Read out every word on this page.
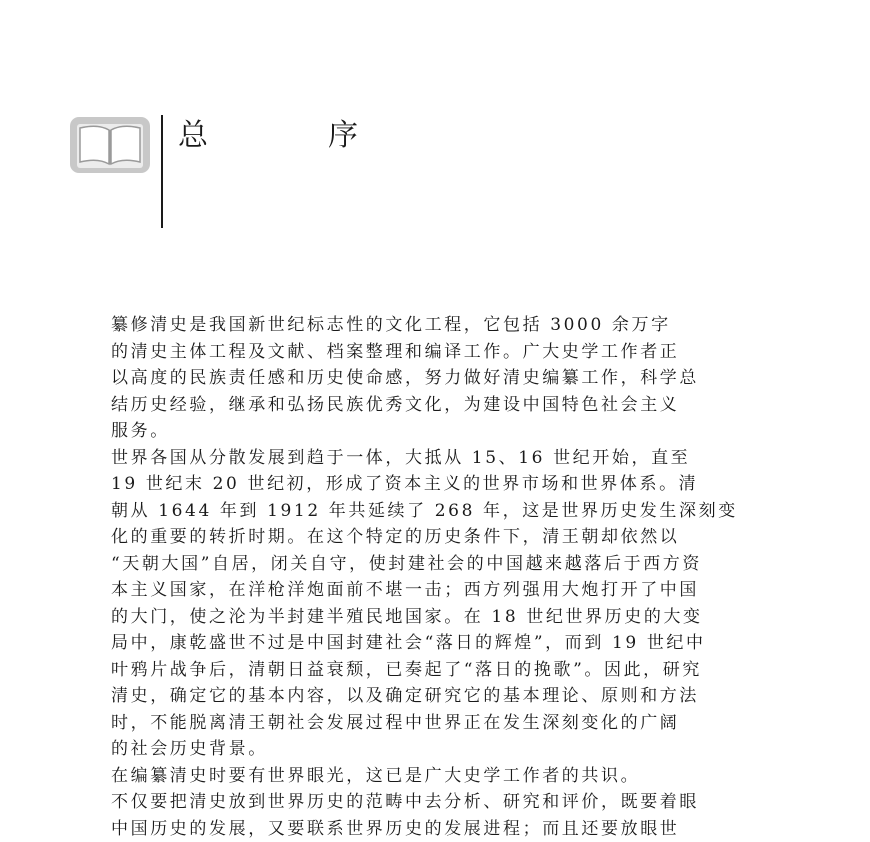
总	序

纂修清史是我国新世纪标志性的文化工程，它包括 3000 余万字
的清史主体工程及文献、档案整理和编译工作。广大史学工作者正
以高度的民族责任感和历史使命感，努力做好清史编纂工作，科学总
结历史经验，继承和弘扬民族优秀文化，为建设中国特色社会主义
服务。

世界各国从分散发展到趋于一体，大抵从 15、16 世纪开始，直至
19 世纪末 20 世纪初，形成了资本主义的世界市场和世界体系。清
朝从 1644 年到 1912 年共延续了 268 年，这是世界历史发生深刻变
化的重要的转折时期。在这个特定的历史条件下，清王朝却依然以
“天朝大国”自居，闭关自守，使封建社会的中国越来越落后于西方资
本主义国家，在洋枪洋炮面前不堪一击；西方列强用大炮打开了中国
的大门，使之沦为半封建半殖民地国家。在 18 世纪世界历史的大变
局中，康乾盛世不过是中国封建社会“落日的辉煌”，而到 19 世纪中
叶鸦片战争后，清朝日益衰颓，已奏起了“落日的挽歌”。因此，研究
清史，确定它的基本内容，以及确定研究它的基本理论、原则和方法
时，不能脱离清王朝社会发展过程中世界正在发生深刻变化的广阔
的社会历史背景。

在编纂清史时要有世界眼光，这已是广大史学工作者的共识。
不仅要把清史放到世界历史的范畴中去分析、研究和评价，既要着眼
中国历史的发展，又要联系世界历史的发展进程；而且还要放眼世
